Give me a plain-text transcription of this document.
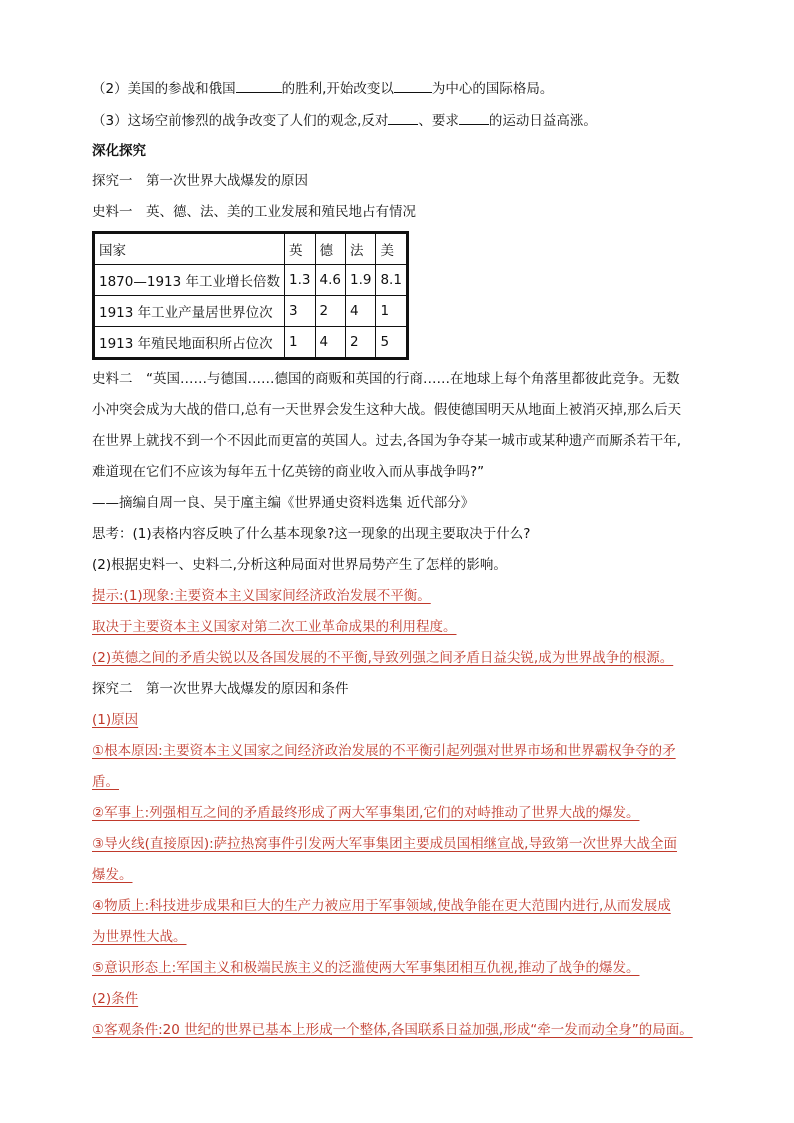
（2）美国的参战和俄国	的胜利,开始改变以	为中心的国际格局。
（3）这场空前惨烈的战争改变了人们的观念,反对 、要求 的运动日益高涨。
深化探究
探究一　第一次世界大战爆发的原因
史料一　英、德、法、美的工业发展和殖民地占有情况
国家	英	德	法	美
1870—1913 年工业增长倍数	1.3	4.6	1.9	8.1
1913 年工业产量居世界位次	3	2	4	1
1913 年殖民地面积所占位次	1	4	2	5
史料二　“英国……与德国……德国的商贩和英国的行商……在地球上每个角落里都彼此竞争。无数
小冲突会成为大战的借口,总有一天世界会发生这种大战。假使德国明天从地面上被消灭掉,那么后天
在世界上就找不到一个不因此而更富的英国人。过去,各国为争夺某一城市或某种遗产而厮杀若干年,
难道现在它们不应该为每年五十亿英镑的商业收入而从事战争吗?”
——摘编自周一良、吴于廑主编《世界通史资料选集 近代部分》
思考：(1)表格内容反映了什么基本现象?这一现象的出现主要取决于什么?
(2)根据史料一、史料二,分析这种局面对世界局势产生了怎样的影响。
提示:(1)现象:主要资本主义国家间经济政治发展不平衡。
取决于主要资本主义国家对第二次工业革命成果的利用程度。
(2)英德之间的矛盾尖锐以及各国发展的不平衡,导致列强之间矛盾日益尖锐,成为世界战争的根源。
探究二　第一次世界大战爆发的原因和条件
(1)原因
①根本原因:主要资本主义国家之间经济政治发展的不平衡引起列强对世界市场和世界霸权争夺的矛
盾。
②军事上:列强相互之间的矛盾最终形成了两大军事集团,它们的对峙推动了世界大战的爆发。
③导火线(直接原因):萨拉热窝事件引发两大军事集团主要成员国相继宣战,导致第一次世界大战全面
爆发。
④物质上:科技进步成果和巨大的生产力被应用于军事领域,使战争能在更大范围内进行,从而发展成
为世界性大战。
⑤意识形态上:军国主义和极端民族主义的泛滥使两大军事集团相互仇视,推动了战争的爆发。
(2)条件
①客观条件:20 世纪的世界已基本上形成一个整体,各国联系日益加强,形成“牵一发而动全身”的局面。
